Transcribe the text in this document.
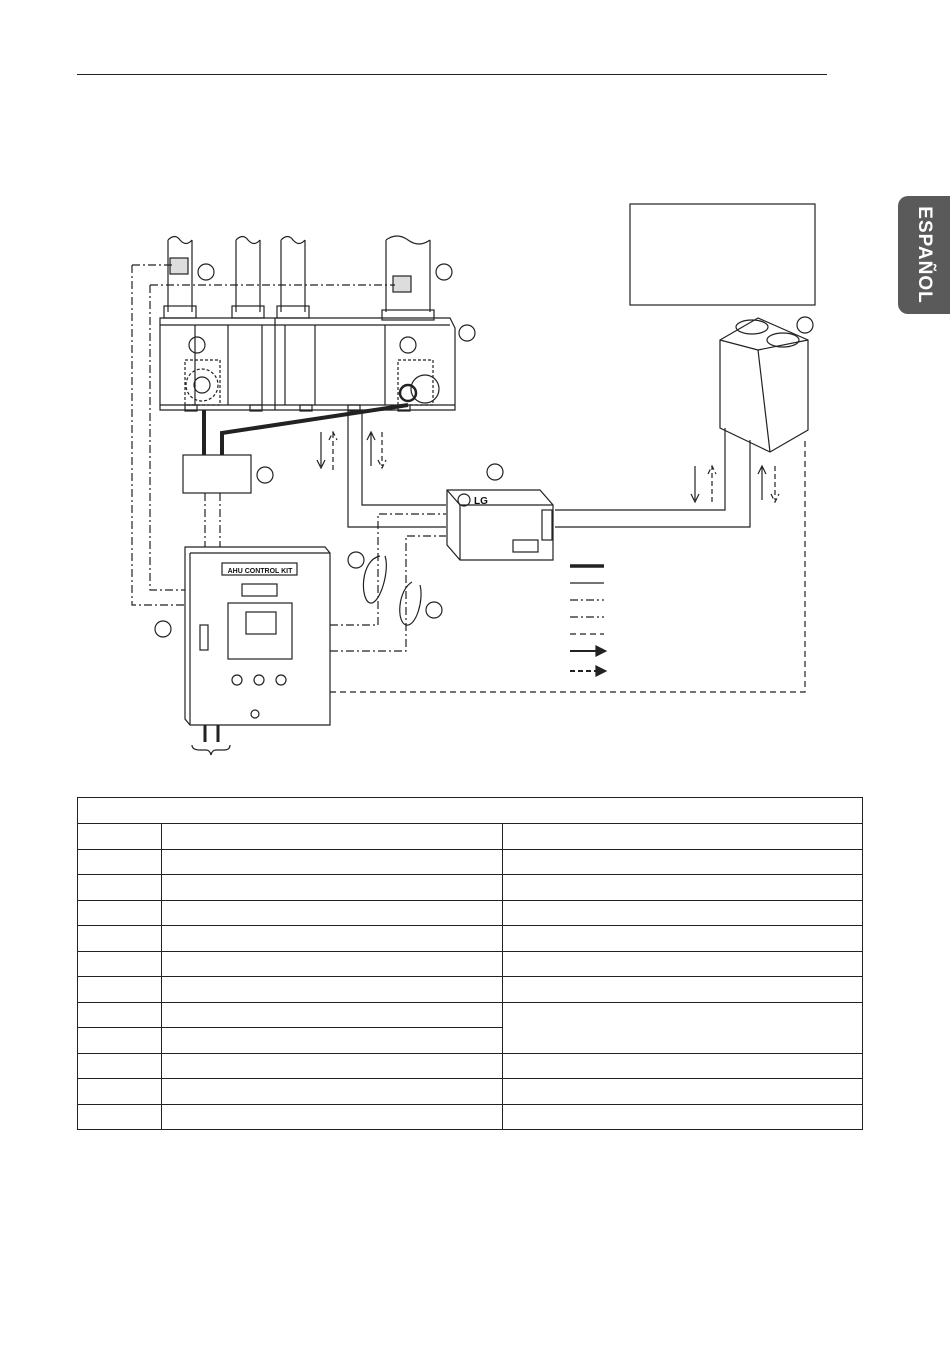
ESPAÑOL
AHU CONTROL KIT
LG
